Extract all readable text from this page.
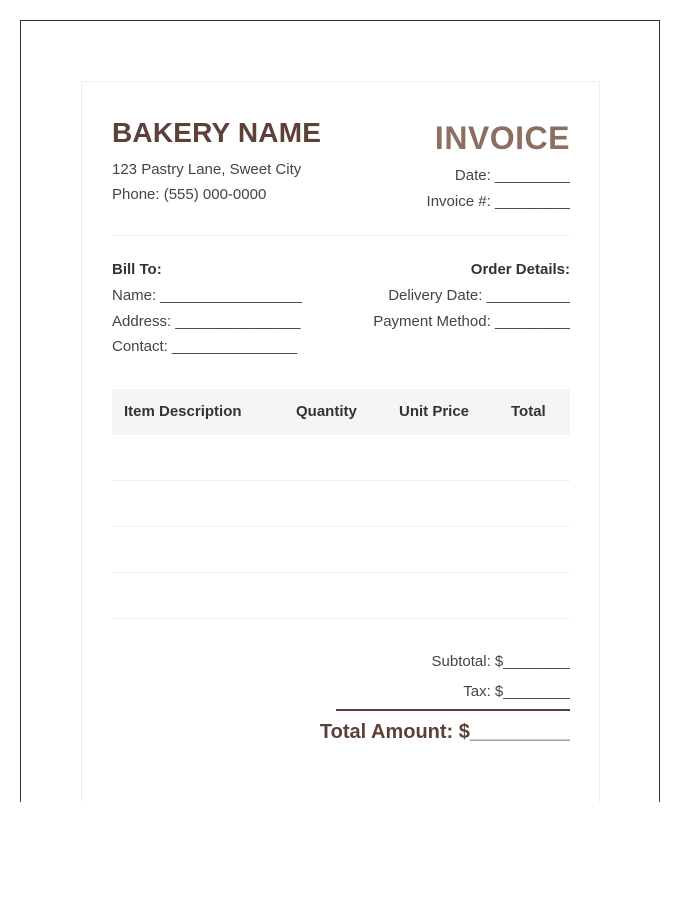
BAKERY NAME
123 Pastry Lane, Sweet City
Phone: (555) 000-0000
INVOICE
Date: _________
Invoice #: _________
Bill To:
Name: _________________
Address: _______________
Contact: _______________
Order Details:
Delivery Date: __________
Payment Method: _________
Item Description	Quantity	Unit Price	Total
Subtotal: $________
Tax: $________
Total Amount: $_________
